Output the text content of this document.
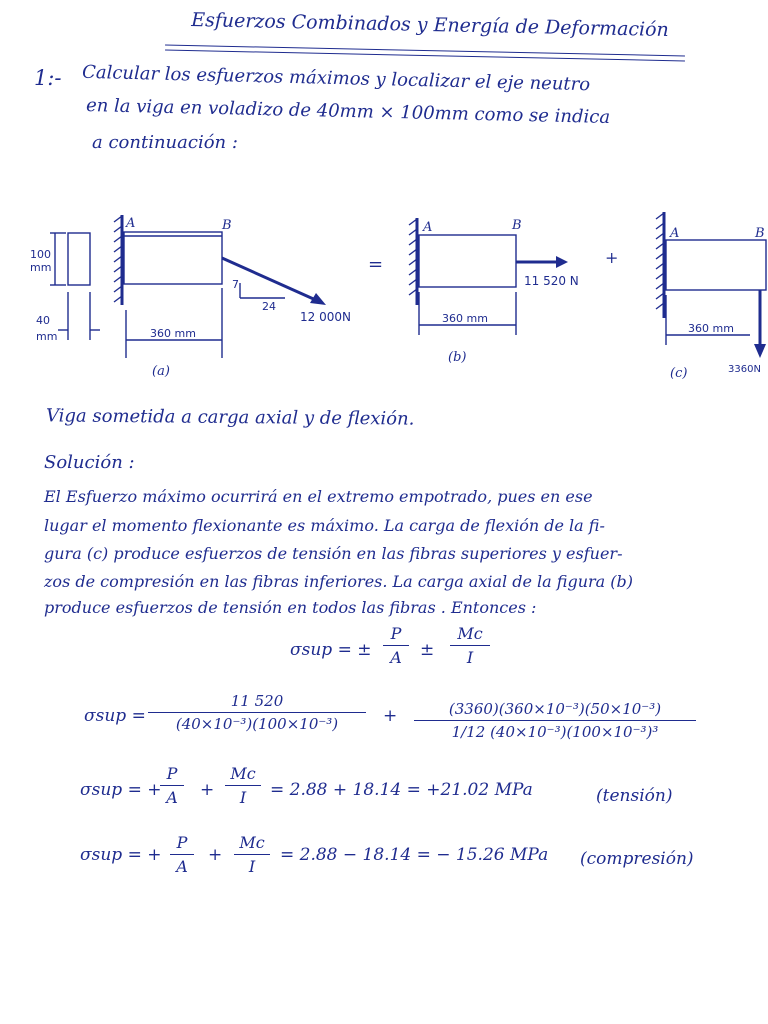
Esfuerzos Combinados y Energía de Deformación
1:- Calcular los esfuerzos máximos y localizar el eje neutro
en la viga en voladizo de 40mm × 100mm como se indica
a continuación :
A	B
100
mm
40
mm
7
24
12 000N
360 mm
(a)
=
A	B
11 520 N
360 mm
(b)
+
A	B
360 mm
(c)	3360N
Viga sometida a carga axial y de flexión.
Solución :
El Esfuerzo máximo ocurrirá en el extremo empotrado, pues en ese
lugar el momento flexionante es máximo. La carga de flexión de la fi-
gura (c) produce esfuerzos de tensión en las fibras superiores y esfuer-
zos de compresión en las fibras inferiores. La carga axial de la figura (b)
produce esfuerzos de tensión en todos las fibras . Entonces :
σsup = ±
P
A	±
Mc
I
σsup =
11 520
(40×10⁻³)(100×10⁻³)	+	(3360)(360×10⁻³)(50×10⁻³)
1/12 (40×10⁻³)(100×10⁻³)³
σsup = +
P
A	+
Mc
I	= 2.88 + 18.14 = +21.02 MPa	(tensión)
σsup = +
P
A
+
Mc
I
= 2.88 − 18.14 = − 15.26 MPa (compresión)
